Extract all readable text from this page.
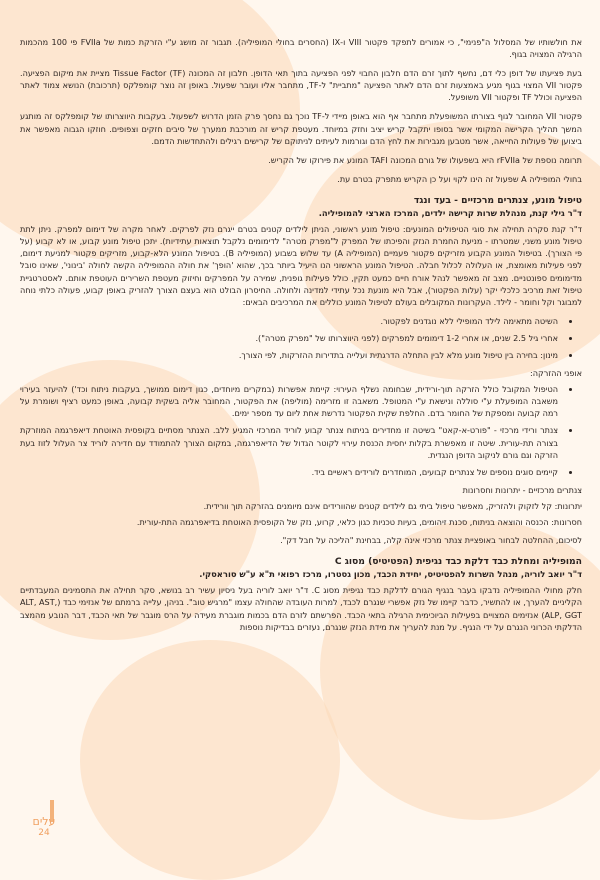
את חולשותיו של המסלול ה"פנימי", כי אמורים לתפקד פקטור VIII ו-IX (החסרים בחולי המופיליה). תגבור זה מושג ע"י הזרקת כמות של FVIIa פי 100 מהכמות הרגילה המצויה בגוף.

בעת פציעתו של דופן כלי דם, נחשף לתוך זרם הדם חלבון החבוי לפני הפציעה בתוך תאי הדופן. חלבון זה המכונה Tissue Factor (TF) מציית את מיקום הפציעה. פקטור VII המצוי בגוף מגיע באמצעות זרם הדם לאתר הפציעה "מתביית" ל-TF, מתחבר אליו ועובר שפעול. באופן זה נוצר קומפלקס (תרכובת) הנושא צמוד לאתר הפציעה וכולל TF ופקטור VII משופעל.

פקטור VII המחובר לגוף בצורתו המשופעלת מתחבר אף הוא באופן מיידי ל-TF נוכך גם נחסך פרק הזמן הדרוש לשפעול. בעקבות היווצרותו של קומפלקס זה מותגע המשך תהליך הקרישה המקומי אשר בסופו יתקבל קריש יציב וחזק במיוחד. מעטפת קריש זה מורכבת ממערך של סיבים חזקים וצפופים. חוזקו הגבוה מאפשר את ביצוען של פעולות החייאה, אשר מטבען מגבירות את לחץ הדם וגורמות לעיתים לניתוקם של קרישים רגילים ולהתחדשות הדמם.

תרומה נוספת של rFVIIa היא בשפעולו של גורם המכונה TAFI המונע את פירוקו של הקריש.

בחולי המופיליה A שפעול זה הינו לקוי ועל כן הקריש מתפרק בטרם עת.

טיפול מונע, צנתרים מרכזיים - בעד ונגד
ד"ר גילי קנת, מנהלת שרות קרישה ילדים, המרכז הארצי להמופיליה.

ד"ר קנת סקרה תחילה את סוגי הטיפולים המונעים: טיפול מונע ראשוני, הניתן לילדים קטנים בטרם ייגרם נזק לפרקים. לאחר מקרה של דימום למפרק. ניתן לתת טיפול מונע משני, שמטרתו - מניעת החמרת הנזק והפיכתו של המפרק ל"מפרק מטרה" לדימומים נלקבל תוצאות עתידיות). יתכן טיפול מונע קבוע, או לא קבוע (על פי הצורך). בטיפול המונע הקבוע מזריקים פקטור פעמיים (המופיליה A) עד שלוש בשבוע (המופיליה B). בטיפול המונע הלא-קבוע, מזריקים פקטור למניעת דימום, לפני פעילות מאומצת, או העלולה לכלול חבלה. הטיפול המונע הראשוני הנו היעיל ביותר בכך, שהוא 'הופך' את חולה ההמופיליה הקשה לחולה 'בינוני', שאינו סובל מדימומים ספונטניים. מצב זה מאפשר לנהל אורח חיים כמעט תקין, כולל פעילות גופנית, שמירה על המפרקים וחיזוק מעטפת השרירים העוטפת אותם. לאסטרטגיית טיפול זאת מרכיב כלכלי יקר (עלות הפקטור), אבל היא מונעת נכל עתידי למדינה ולחולה. החיסרון הבולט הוא בעצם הצורך להזריק באופן קבוע, פעולה כלתי נוחה למבוגר וקל וחומר - לילד. העקרונות המקובלים בעולם לטיפול המונע כוללים את המרכיבים הבאים:

• השיטה מתאימה לילד המופילי ללא נוגדנים לפקטור.
• אחרי גיל 2.5 שנים, או אחרי 1-2 דימומים למפרקים (לפני היווצרותו של "מפרק מטרה").
• מינון: בחירה בין טיפול מונע מלא לבין התחלה הדרגתית ועלייה בתדירות ההזרקות, לפי הצורך.
אופני ההזרקה:
• הטיפול המקובל כולל הזרקה תוך-ורידית, שבחומה נשלף העירוי: קיימת אפשרות (במקרים מיוחדים, כגון דימום ממושך, בעקבות ניתוח וכד') להיעזר בעירוי משאבה המופעלת ע"י סוללה ונישאת ע"י המטופל. משאבה זו מזרימה (מוליפה) את הפקטור, המחובר אליה בשקית קבועה, באופן כמעט רציף ושומרת על רמה קבועה ומספקת של החומר בדם. החלפת שקית הפקטור נדרשת אחת ליום עד מספר ימים.
• צנתר ורידי מרכזי - "פורט-א-קאט" בשיטה זו מחדירים בניתוח צנתר קבוע לוריד המרכזי המגיע ללב. הצנתר מסתיים בקופסית האוטחת דיאפרגמה המוזרקת בצורה תת-עורית. שיטה זו מאפשרת בקלות יחסית הכנסת עירוי לקוטר הגדול של הדיאפרגמה, במקום הצורך להתמודד עם חדירה לוריד צר העלול לזוז בעת הזרקה וגם גורם לניקוב הדופן הנגדית.
• קיימים סוגים נוספים של צנתרים קבועים, המוחדרים לורידים ראשיים ביד.
צנתרים מרכזיים - יתרונות וחסרונות
יתרונות: קל לזקוק ולהזריק, מאפשר טיפול ביתי גם לילדים קטנים שהוורידים אינם מיומנים בהזרקה תוך וורידית.
חסרונות: הכנסה והוצאה בניתוח, סכנת זיהומים, בעיות טכניות כגון כלאי, קרוע, נזק של הקופסית האוטחת בדיאפרגמה התת-עורית.

לסיכום, ההחלטה לבחור באופציית צנתר מרכזי אינה קלה, בבחינת "הליכה על חבל דק".

המופיליה ומחלת כבד דלקת כבד נגיפית (הפטיטיס) מסוג C
ד"ר יואב לוריה, מנהל השרות להפטיטיס, יחידת הכבד, מכון גסטרו, מרכז רפואי ת"א ע"ש סוראסקי.

חלק מחולי ההמופיליה נדבקו בעבר בנגיף הגורם לדלקת כבד נגיפית מסוג C. ד"ר יואב לוריה בעל ניסיון עשיר רב בנושא, סקר תחילה את התסמינים המעבדתיים הקליניים להערך, או להתשיר, כדבר קיימו של נזק אפשרי שנגרם לכבד, למרות העובדה שהחולה עצמו "מרגיש טוב". בניהן, עלייה ברמתם של אנזימי כבד (ALT, AST, ALP, GGT) אנזימים המצויים בפעילות הביוכימית הרגילה בתאי הכבד. הפרשתם לזרם הדם בכמות מוגברת מעידה על הרס מוגבר של תאי הכבד, דבר הנובע מהמצב הדלקתי הכרוני הנגרם על ידי הנגיף. על מנת להעריך את מידת הנזק שנגרם, נעזרים בבדיקות נוספות

עלים
24
